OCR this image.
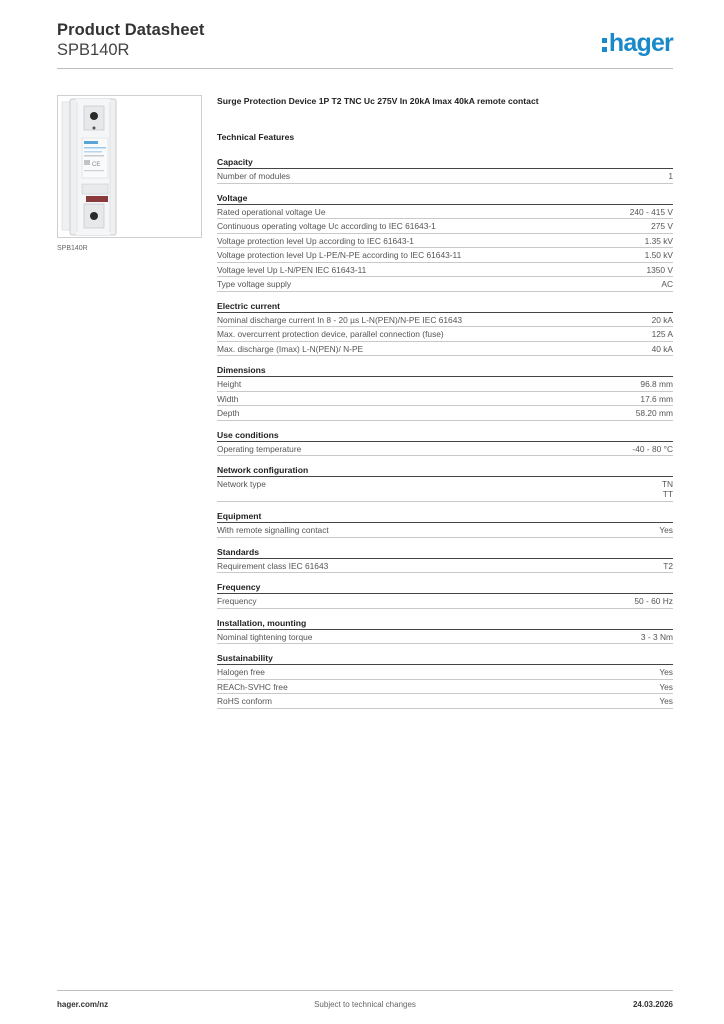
Product Datasheet
SPB140R	hager
CE
SPB140R
Surge Protection Device 1P T2 TNC Uc 275V In 20kA Imax 40kA remote contact
Technical Features
Capacity
Number of modules	1
Voltage
Rated operational voltage Ue	240 - 415 V
Continuous operating voltage Uc according to IEC 61643-1	275 V
Voltage protection level Up according to IEC 61643-1	1.35 kV
Voltage protection level Up L-PE/N-PE according to IEC 61643-11	1.50 kV
Voltage level Up L-N/PEN IEC 61643-11	1350 V
Type voltage supply	AC
Electric current
Nominal discharge current In 8 - 20 µs L-N(PEN)/N-PE IEC 61643	20 kA
Max. overcurrent protection device, parallel connection (fuse)	125 A
Max. discharge (Imax) L-N(PEN)/ N-PE	40 kA
Dimensions
Height	96.8 mm
Width	17.6 mm
Depth	58.20 mm
Use conditions
Operating temperature	-40 - 80 °C
Network configuration
Network type	TN
TT
Equipment
With remote signalling contact	Yes
Standards
Requirement class IEC 61643	T2
Frequency
Frequency	50 - 60 Hz
Installation, mounting
Nominal tightening torque	3 - 3 Nm
Sustainability
Halogen free	Yes
REACh-SVHC free	Yes
RoHS conform	Yes
hager.com/nz	Subject to technical changes	24.03.2026
